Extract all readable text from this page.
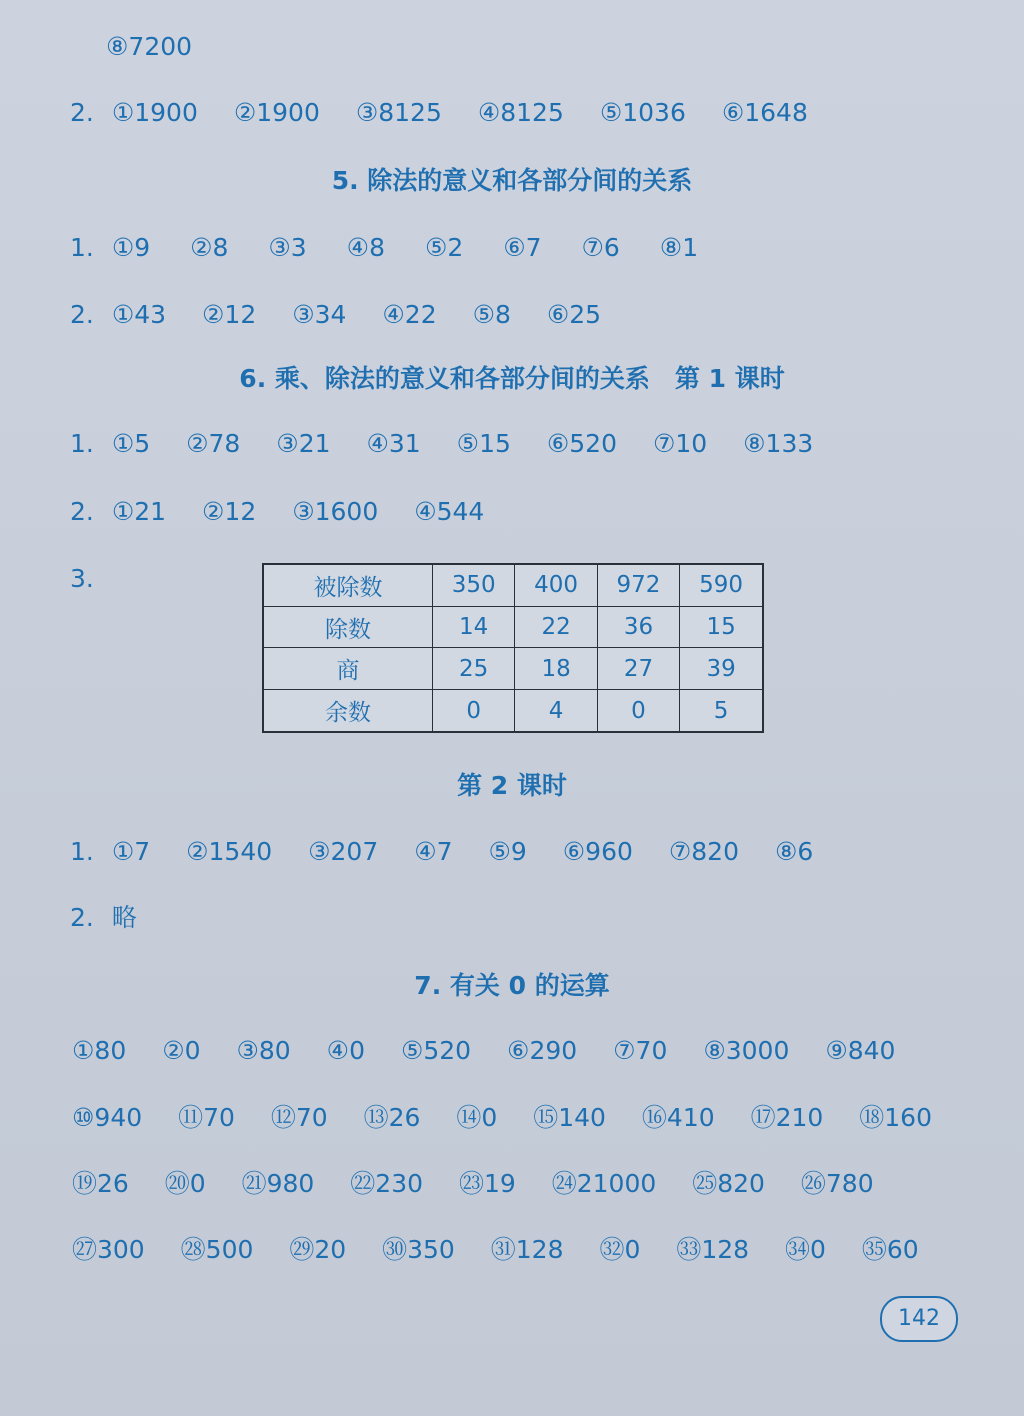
⑧7200
2. ①1900 ②1900 ③8125 ④8125 ⑤1036 ⑥1648
5. 除法的意义和各部分间的关系
1. ①9 ②8 ③3 ④8 ⑤2 ⑥7 ⑦6 ⑧1
2. ①43 ②12 ③34 ④22 ⑤8 ⑥25
6. 乘、除法的意义和各部分间的关系　第 1 课时
1. ①5 ②78 ③21 ④31 ⑤15 ⑥520 ⑦10 ⑧133
2. ①21 ②12 ③1600 ④544
3.	被除数	350	400	972	590
除数	14	22	36	15
商	25	18	27	39
余数	0	4	0	5
第 2 课时
1. ①7 ②1540 ③207 ④7 ⑤9 ⑥960 ⑦820 ⑧6
2. 略
7. 有关 0 的运算
①80 ②0 ③80 ④0 ⑤520 ⑥290 ⑦70 ⑧3000 ⑨840
⑩940 ⑪70 ⑫70 ⑬26 ⑭0 ⑮140 ⑯410 ⑰210 ⑱160
⑲26 ⑳0 ㉑980 ㉒230 ㉓19 ㉔21000 ㉕820 ㉖780
㉗300 ㉘500 ㉙20 ㉚350 ㉛128 ㉜0 ㉝128 ㉞0 ㉟60
142
